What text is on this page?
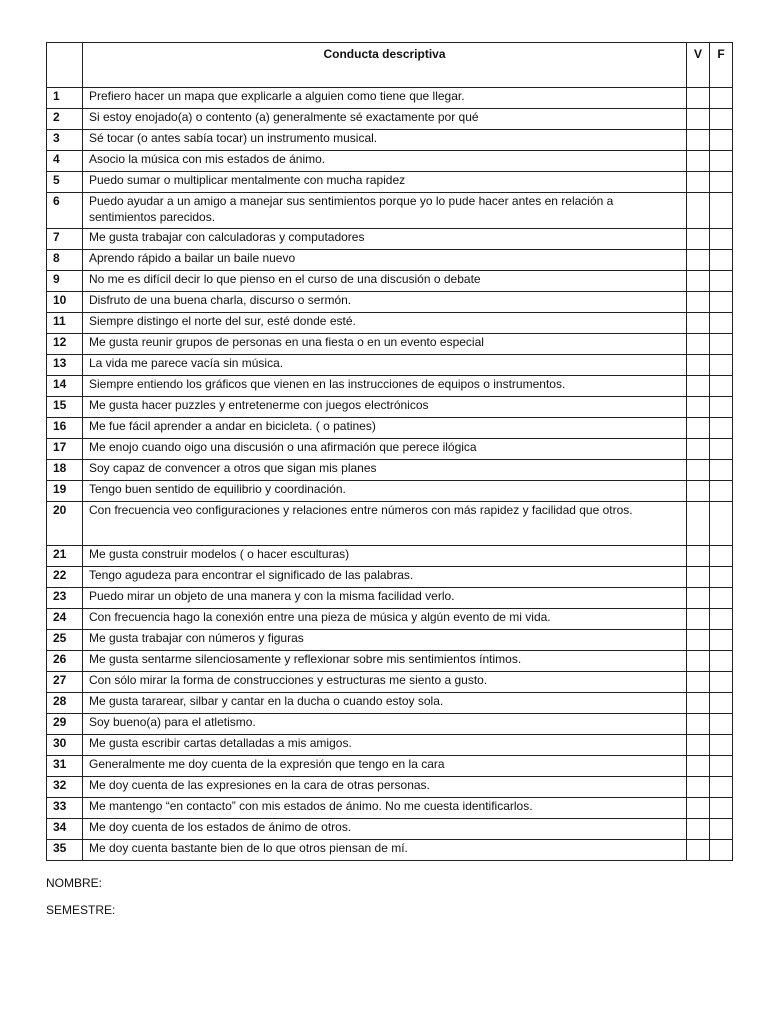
	Conducta descriptiva	V	F
1	Prefiero hacer un mapa que explicarle a alguien como tiene que llegar.		
2	Si estoy enojado(a) o contento (a) generalmente sé exactamente por qué		
3	Sé tocar (o antes sabía tocar) un instrumento musical.		
4	Asocio la música con mis estados de ánimo.		
5	Puedo sumar o multiplicar mentalmente con mucha rapidez		
6	Puedo ayudar a un amigo a manejar sus sentimientos porque yo lo pude hacer antes en relación a sentimientos parecidos.		
7	Me gusta trabajar con calculadoras y computadores		
8	Aprendo rápido a bailar un baile nuevo		
9	No me es difícil decir lo que pienso en el curso de una discusión o debate		
10	Disfruto de una buena charla, discurso o sermón.		
11	Siempre distingo el norte del sur, esté donde esté.		
12	Me gusta reunir grupos de personas en una fiesta o en un evento especial		
13	La vida me parece vacía sin música.		
14	Siempre entiendo los gráficos que vienen en las instrucciones de equipos o instrumentos.		
15	Me gusta hacer puzzles y entretenerme con juegos electrónicos		
16	Me fue fácil aprender a andar en bicicleta. ( o patines)		
17	Me enojo cuando oigo una discusión o una afirmación que perece ilógica		
18	Soy capaz de convencer a otros que sigan mis planes		
19	Tengo buen sentido de equilibrio y coordinación.		
20	Con frecuencia veo configuraciones y relaciones entre números con más rapidez y facilidad que otros.		
21	Me gusta construir modelos ( o hacer esculturas)		
22	Tengo agudeza para encontrar el significado de las palabras.		
23	Puedo mirar un objeto de una manera y con la misma facilidad verlo.		
24	Con frecuencia hago la conexión entre una pieza de música y algún evento de mi vida.		
25	Me gusta trabajar con números y figuras		
26	Me gusta sentarme silenciosamente y reflexionar sobre mis sentimientos íntimos.		
27	Con sólo mirar la forma de construcciones y estructuras me siento a gusto.		
28	Me gusta tararear, silbar y cantar en la ducha o cuando estoy sola.		
29	Soy bueno(a) para el atletismo.		
30	Me gusta escribir cartas detalladas a mis amigos.		
31	Generalmente me doy cuenta de la expresión que tengo en la cara		
32	Me doy cuenta de las expresiones en la cara de otras personas.		
33	Me mantengo “en contacto” con mis estados de ánimo. No me cuesta identificarlos.		
34	Me doy cuenta de los estados de ánimo de otros.		
35	Me doy cuenta bastante bien de lo que otros piensan de mí.		
NOMBRE:
SEMESTRE:
